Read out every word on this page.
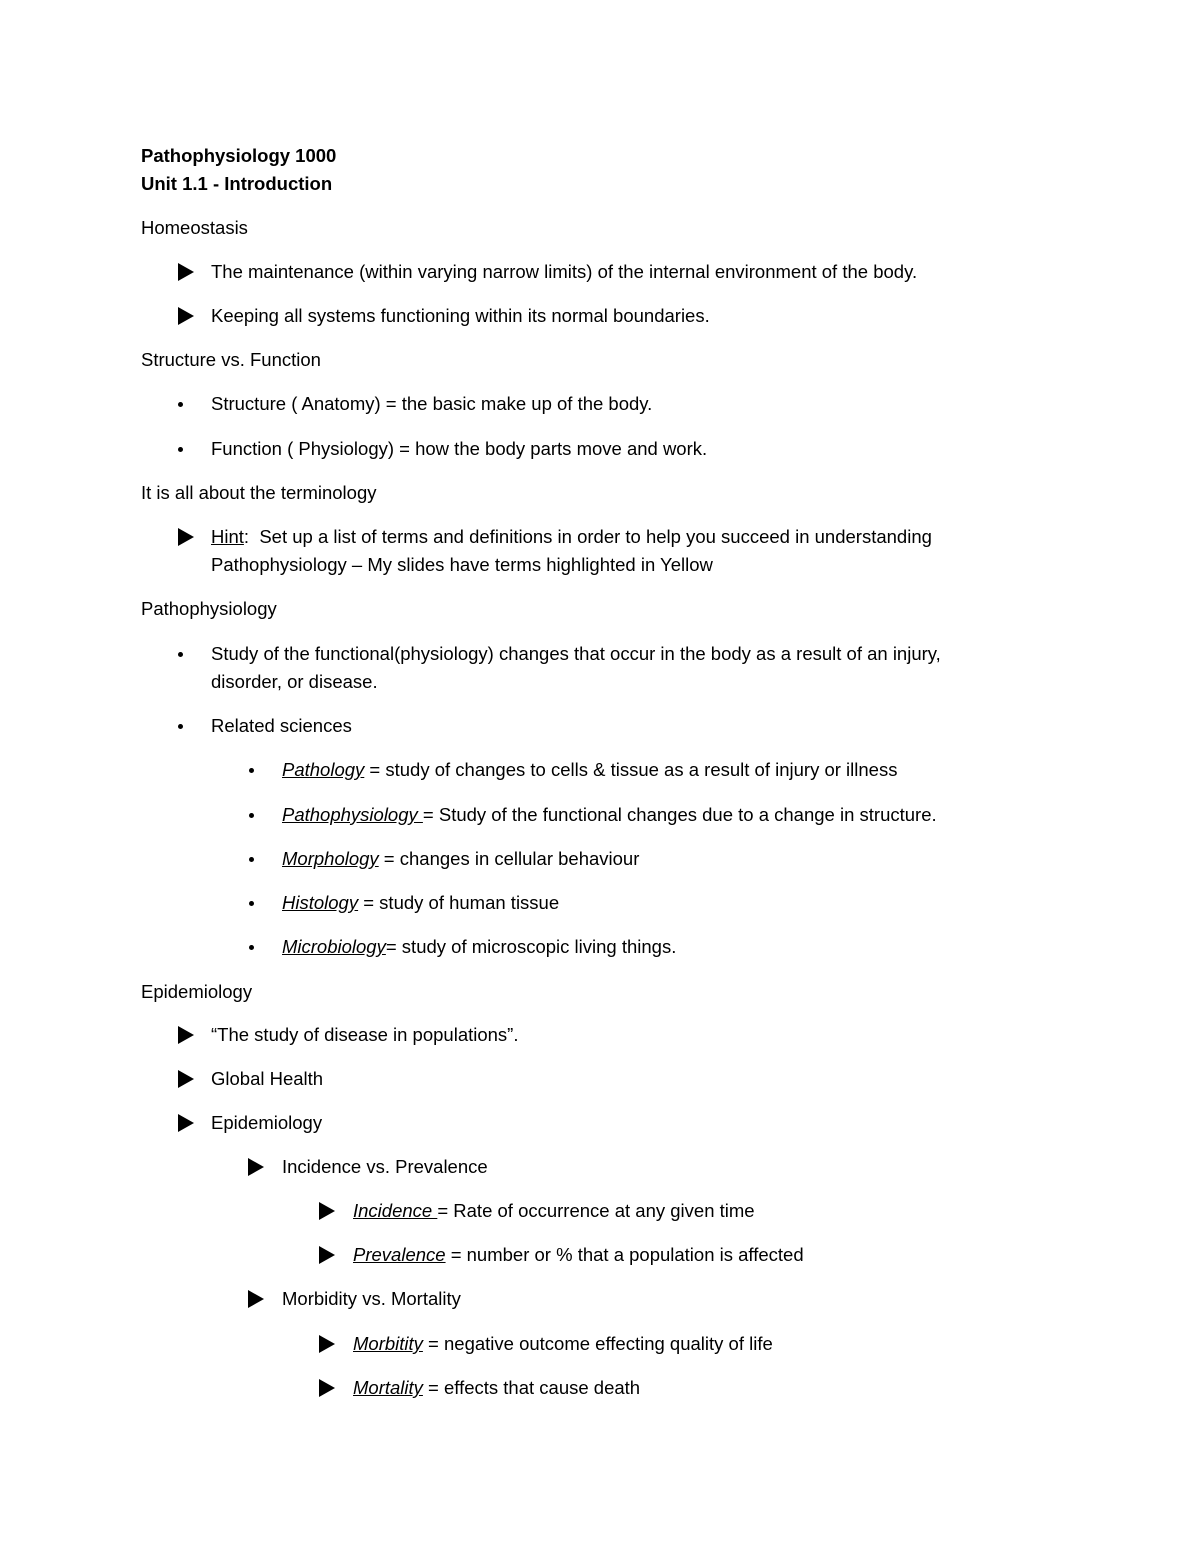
Pathophysiology 1000
Unit 1.1 - Introduction
Homeostasis
The maintenance (within varying narrow limits) of the internal environment of the body.
Keeping all systems functioning within its normal boundaries.
Structure vs. Function
Structure ( Anatomy) = the basic make up of the body.
Function ( Physiology) = how the body parts move and work.
It is all about the terminology
Hint:  Set up a list of terms and definitions in order to help you succeed in understanding
Pathophysiology – My slides have terms highlighted in Yellow
Pathophysiology
Study of the functional(physiology) changes that occur in the body as a result of an injury,
disorder, or disease.
Related sciences
Pathology = study of changes to cells & tissue as a result of injury or illness
Pathophysiology = Study of the functional changes due to a change in structure.
Morphology = changes in cellular behaviour
Histology = study of human tissue
Microbiology= study of microscopic living things.
Epidemiology
“The study of disease in populations”.
Global Health
Epidemiology
Incidence vs. Prevalence
Incidence = Rate of occurrence at any given time
Prevalence = number or % that a population is affected
Morbidity vs. Mortality
Morbitity = negative outcome effecting quality of life
Mortality = effects that cause death
